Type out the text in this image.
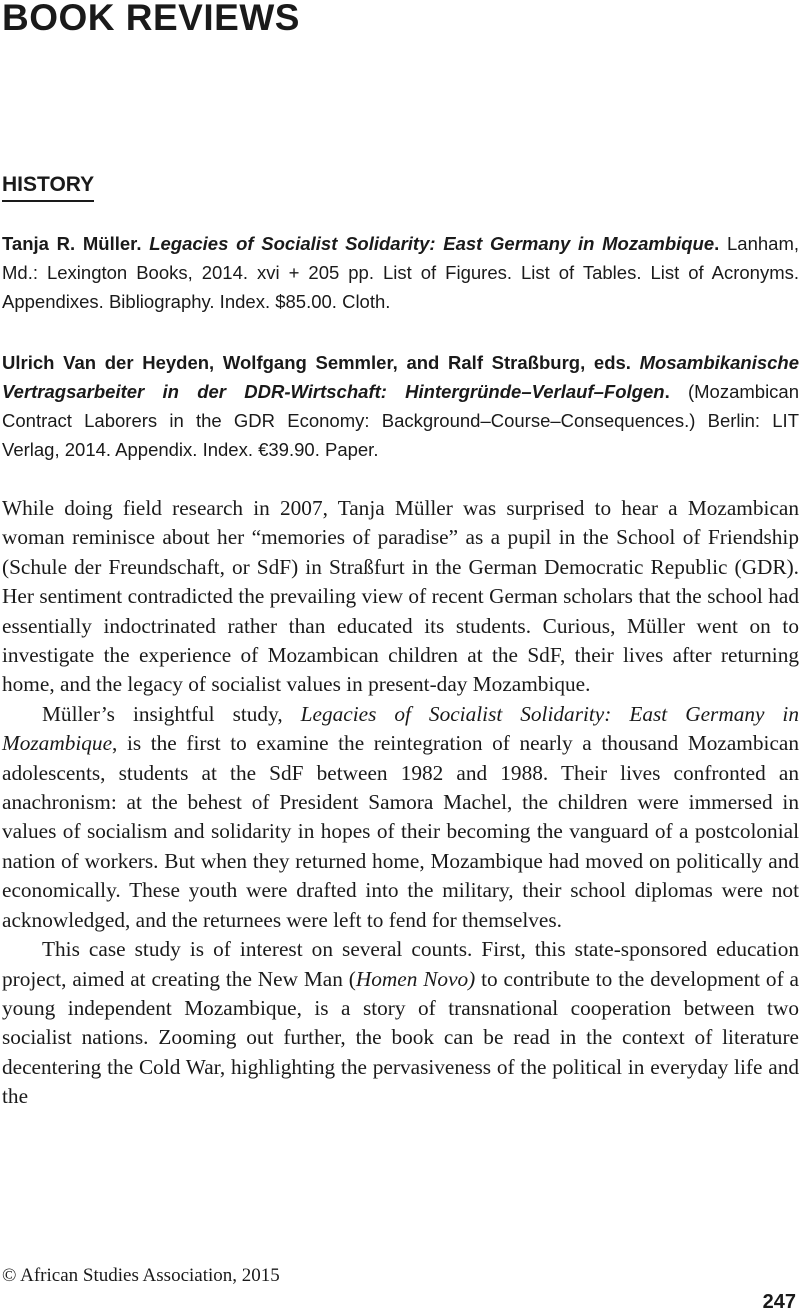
BOOK REVIEWS
HISTORY
Tanja R. Müller. Legacies of Socialist Solidarity: East Germany in Mozambique. Lanham, Md.: Lexington Books, 2014. xvi + 205 pp. List of Figures. List of Tables. List of Acronyms. Appendixes. Bibliography. Index. $85.00. Cloth.
Ulrich Van der Heyden, Wolfgang Semmler, and Ralf Straßburg, eds. Mosambikanische Vertragsarbeiter in der DDR-Wirtschaft: Hintergründe–Verlauf–Folgen. (Mozambican Contract Laborers in the GDR Economy: Background–Course–Consequences.) Berlin: LIT Verlag, 2014. Appendix. Index. €39.90. Paper.

While doing field research in 2007, Tanja Müller was surprised to hear a Mozambican woman reminisce about her “memories of paradise” as a pupil in the School of Friendship (Schule der Freundschaft, or SdF) in Straßfurt in the German Democratic Republic (GDR). Her sentiment contradicted the prevailing view of recent German scholars that the school had essentially indoctrinated rather than educated its students. Curious, Müller went on to investigate the experience of Mozambican children at the SdF, their lives after returning home, and the legacy of socialist values in present-day Mozambique.

Müller’s insightful study, Legacies of Socialist Solidarity: East Germany in Mozambique, is the first to examine the reintegration of nearly a thousand Mozambican adolescents, students at the SdF between 1982 and 1988. Their lives confronted an anachronism: at the behest of President Samora Machel, the children were immersed in values of socialism and solidarity in hopes of their becoming the vanguard of a postcolonial nation of workers. But when they returned home, Mozambique had moved on politically and economically. These youth were drafted into the military, their school diplomas were not acknowledged, and the returnees were left to fend for themselves.

This case study is of interest on several counts. First, this state-sponsored education project, aimed at creating the New Man (Homen Novo) to contribute to the development of a young independent Mozambique, is a story of transnational cooperation between two socialist nations. Zooming out further, the book can be read in the context of literature decentering the Cold War, highlighting the pervasiveness of the political in everyday life and the

© African Studies Association, 2015
247
